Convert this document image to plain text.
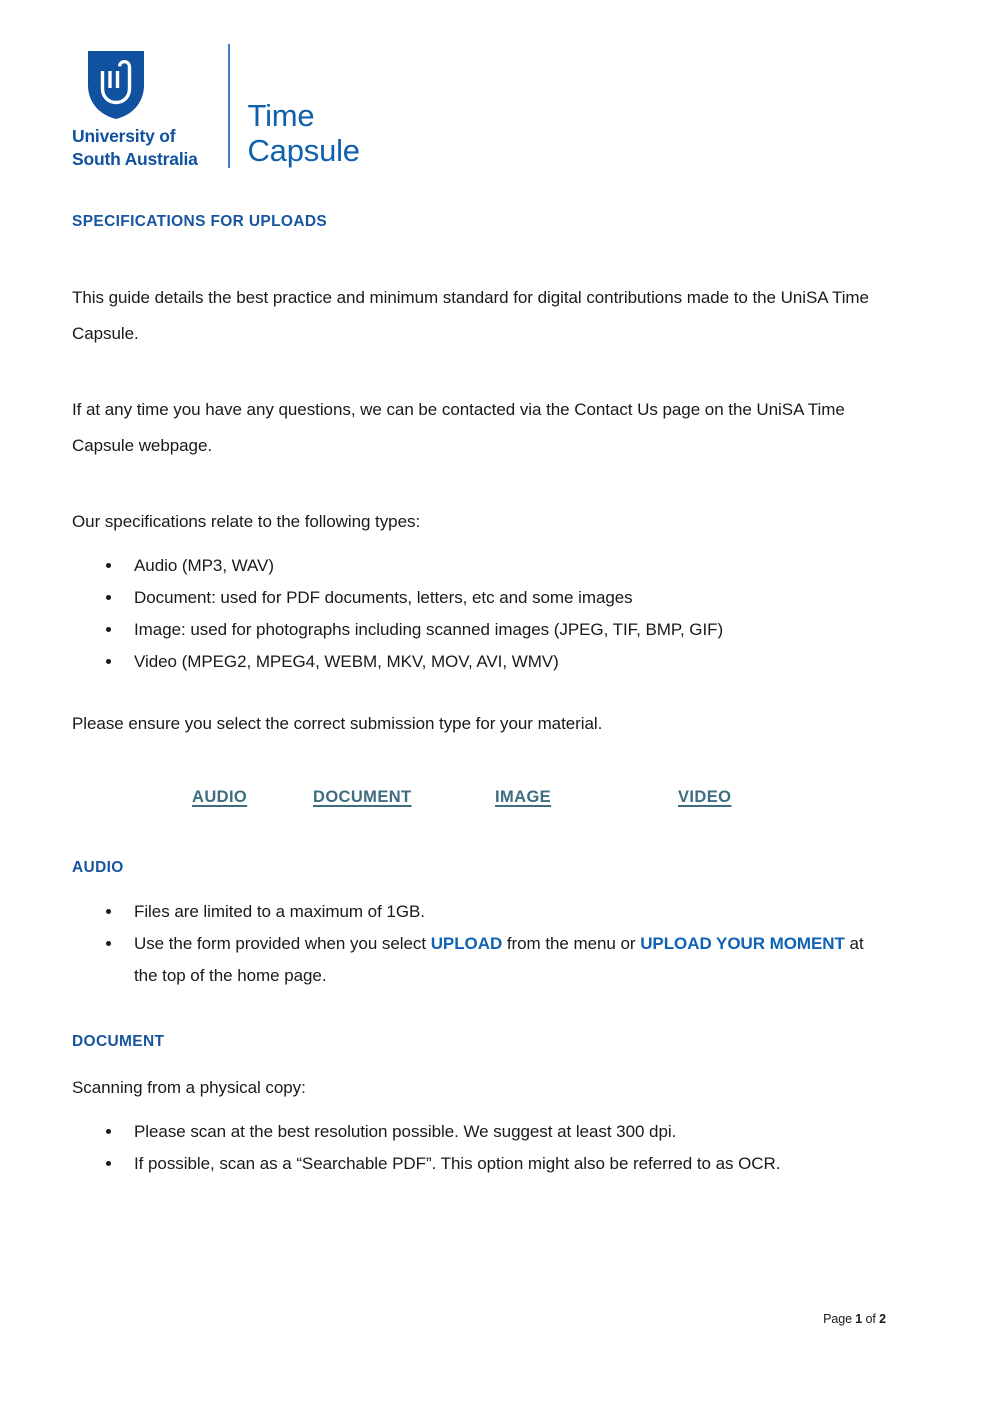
University of
South Australia
Time
Capsule
SPECIFICATIONS FOR UPLOADS

This guide details the best practice and minimum standard for digital contributions made to the UniSA Time Capsule.

If at any time you have any questions, we can be contacted via the Contact Us page on the UniSA Time Capsule webpage.

Our specifications relate to the following types:

Audio (MP3, WAV)
Document: used for PDF documents, letters, etc and some images
Image: used for photographs including scanned images (JPEG, TIF, BMP, GIF)
Video (MPEG2, MPEG4, WEBM, MKV, MOV, AVI, WMV)

Please ensure you select the correct submission type for your material.

AUDIO	DOCUMENT	IMAGE	VIDEO
AUDIO
Files are limited to a maximum of 1GB.
Use the form provided when you select UPLOAD from the menu or UPLOAD YOUR MOMENT at the top of the home page.
DOCUMENT

Scanning from a physical copy:

Please scan at the best resolution possible. We suggest at least 300 dpi.
If possible, scan as a “Searchable PDF”. This option might also be referred to as OCR.
Page 1 of 2
